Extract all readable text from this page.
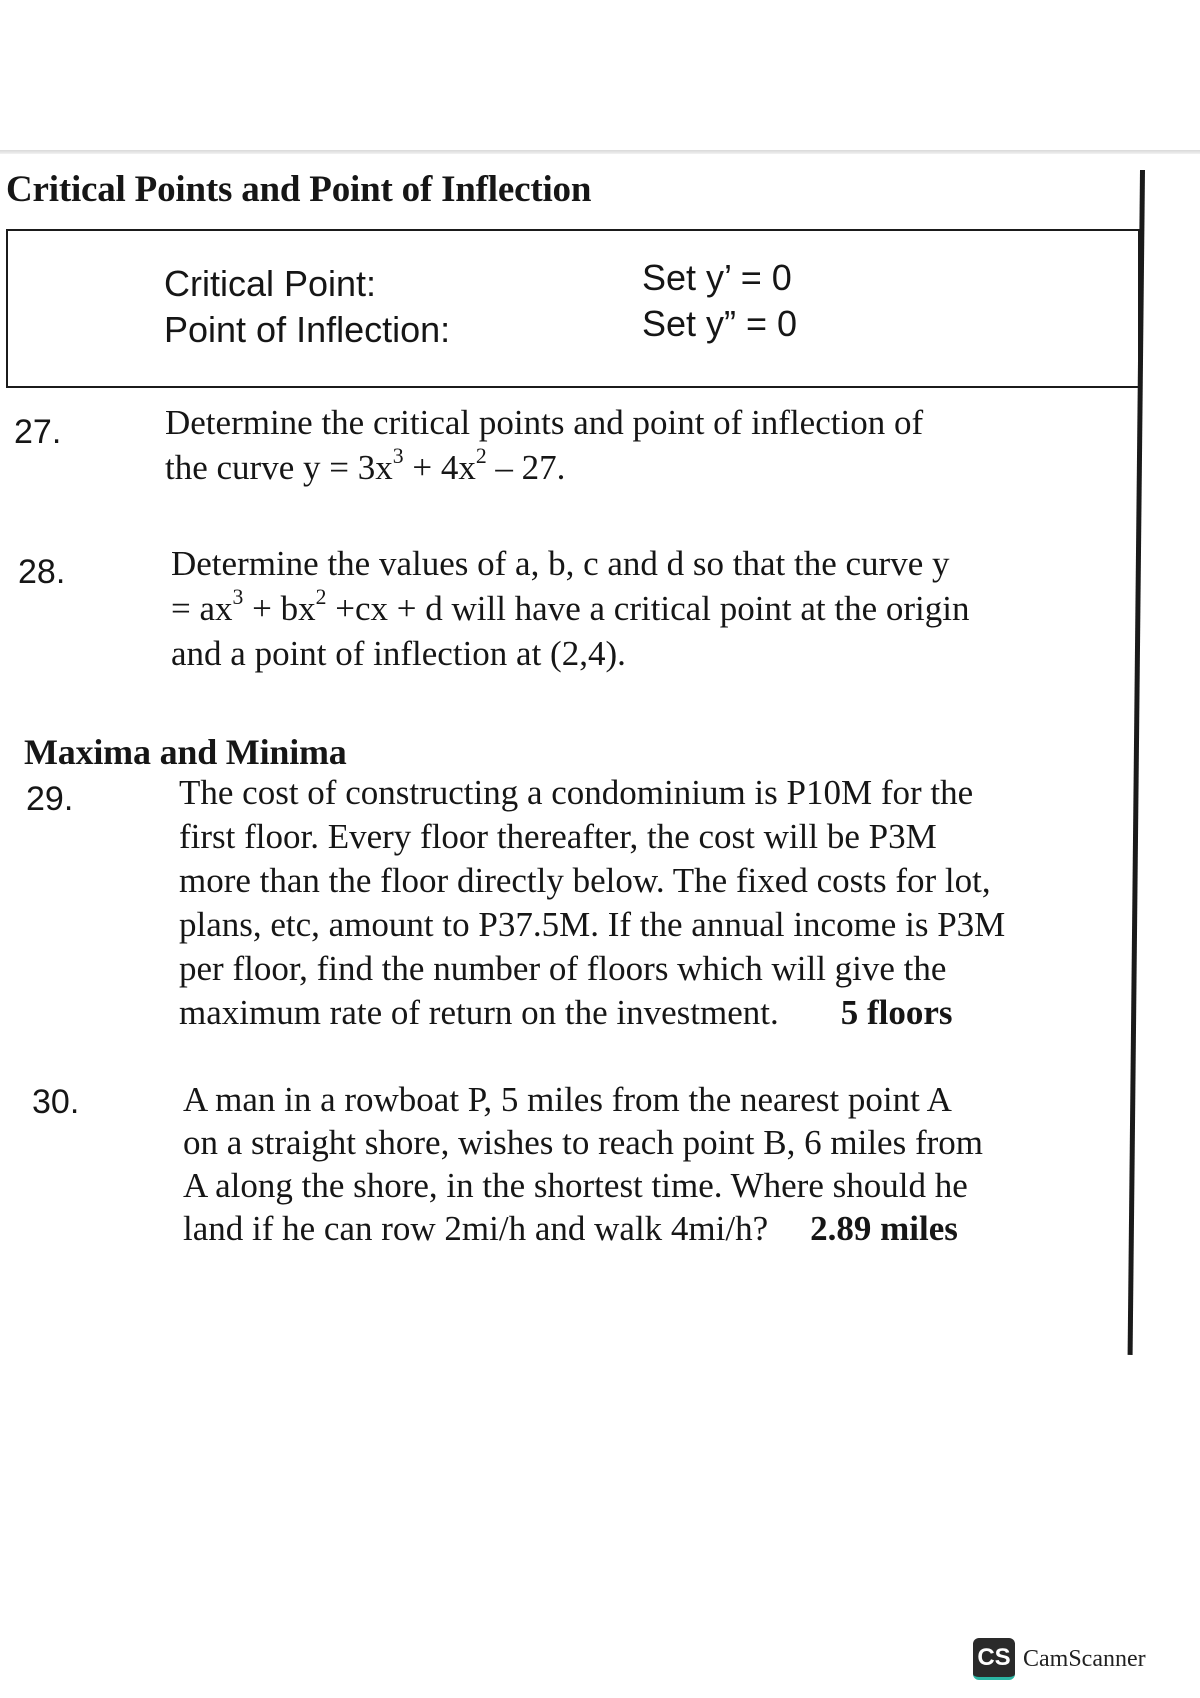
Critical Points and Point of Inflection
Critical Point:	Set y’ = 0
Point of Inflection:	Set y” = 0
27.	Determine the critical points and point of inflection of
the curve $y = 3x^3 + 4x^2 - 27$.
28.	Determine the values of a, b, c and d so that the curve y
= $ax^3 + bx^2 +cx + d$ will have a critical point at the origin
and a point of inflection at (2,4).
Maxima and Minima
29.	The cost of constructing a condominium is P10M for the
first floor. Every floor thereafter, the cost will be P3M
more than the floor directly below. The fixed costs for lot,
plans, etc, amount to P37.5M. If the annual income is P3M
per floor, find the number of floors which will give the
maximum rate of return on the investment. 5 floors
30.	A man in a rowboat P, 5 miles from the nearest point A
on a straight shore, wishes to reach point B, 6 miles from
A along the shore, in the shortest time. Where should he
land if he can row 2mi/h and walk 4mi/h? 2.89 miles
CS CamScanner
